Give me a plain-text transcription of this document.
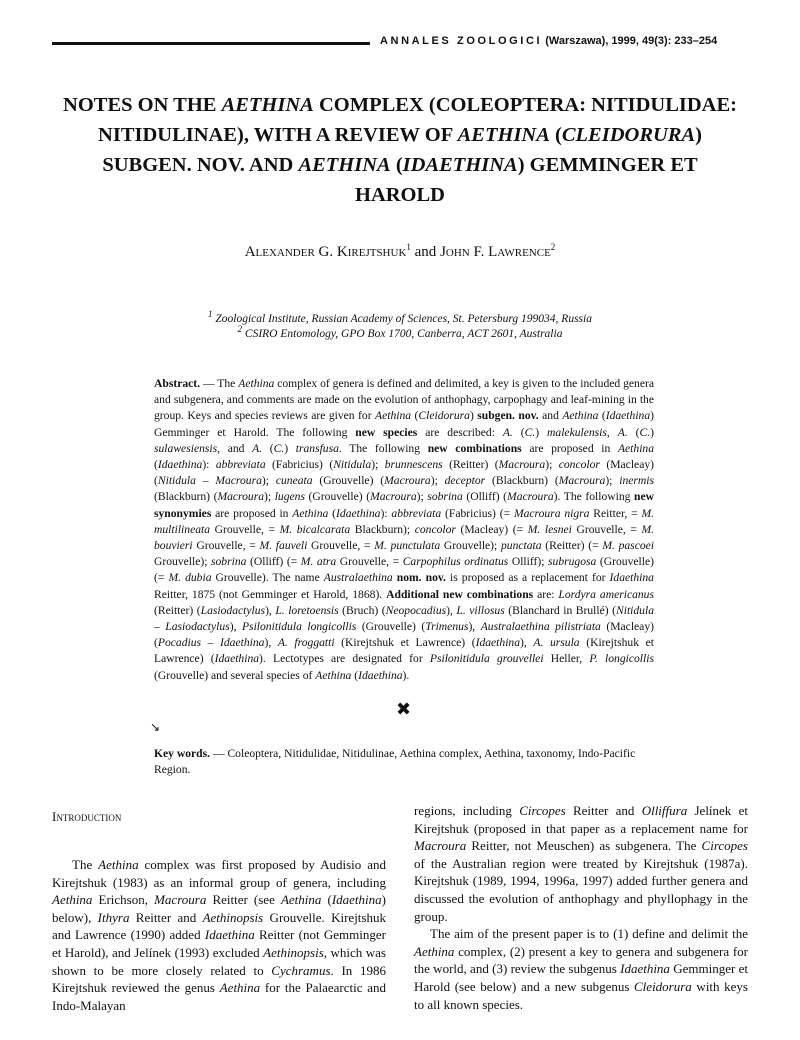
ANNALES ZOOLOGICI (Warszawa), 1999, 49(3): 233–254
NOTES ON THE AETHINA COMPLEX (COLEOPTERA: NITIDULIDAE: NITIDULINAE), WITH A REVIEW OF AETHINA (CLEIDORURA) SUBGEN. NOV. AND AETHINA (IDAETHINA) GEMMINGER ET HAROLD
Alexander G. Kirejtshuk$^1$ and John F. Lawrence$^2$
$^1$ Zoological Institute, Russian Academy of Sciences, St. Petersburg 199034, Russia
$^2$ CSIRO Entomology, GPO Box 1700, Canberra, ACT 2601, Australia

Abstract. — The Aethina complex of genera is defined and delimited, a key is given to the included genera and subgenera, and comments are made on the evolution of anthophagy, carpophagy and leaf-mining in the group. Keys and species reviews are given for Aethina (Cleidorura) subgen. nov. and Aethina (Idaethina) Gemminger et Harold. The following new species are described: A. (C.) malekulensis, A. (C.) sulawesiensis, and A. (C.) transfusa. The following new combinations are proposed in Aethina (Idaethina): abbreviata (Fabricius) (Nitidula); brunnescens (Reitter) (Macroura); concolor (Macleay) (Nitidula – Macroura); cuneata (Grouvelle) (Macroura); deceptor (Blackburn) (Macroura); inermis (Blackburn) (Macroura); lugens (Grouvelle) (Macroura); sobrina (Olliff) (Macroura). The following new synonymies are proposed in Aethina (Idaethina): abbreviata (Fabricius) (= Macroura nigra Reitter, = M. multilineata Grouvelle, = M. bicalcarata Blackburn); concolor (Macleay) (= M. lesnei Grouvelle, = M. bouvieri Grouvelle, = M. fauveli Grouvelle, = M. punctulata Grouvelle); punctata (Reitter) (= M. pascoei Grouvelle); sobrina (Olliff) (= M. atra Grouvelle, = Carpophilus ordinatus Olliff); subrugosa (Grouvelle) (= M. dubia Grouvelle). The name Australaethina nom. nov. is proposed as a replacement for Idaethina Reitter, 1875 (not Gemminger et Harold, 1868). Additional new combinations are: Lordyra americanus (Reitter) (Lasiodactylus), L. loretoensis (Bruch) (Neopocadius), L. villosus (Blanchard in Brullé) (Nitidula – Lasiodactylus), Psilonitidula longicollis (Grouvelle) (Trimenus), Australaethina pilistriata (Macleay) (Pocadius – Idaethina), A. froggatti (Kirejtshuk et Lawrence) (Idaethina), A. ursula (Kirejtshuk et Lawrence) (Idaethina). Lectotypes are designated for Psilonitidula grouvellei Heller, P. longicollis (Grouvelle) and several species of Aethina (Idaethina).

✖
↘

Key words. — Coleoptera, Nitidulidae, Nitidulinae, Aethina complex, Aethina, taxonomy, Indo-Pacific Region.

Introduction

The Aethina complex was first proposed by Audisio and Kirejtshuk (1983) as an informal group of genera, including Aethina Erichson, Macroura Reitter (see Aethina (Idaethina) below), Ithyra Reitter and Aethinopsis Grouvelle. Kirejtshuk and Lawrence (1990) added Idaethina Reitter (not Gemminger et Harold), and Jelínek (1993) excluded Aethinopsis, which was shown to be more closely related to Cychramus. In 1986 Kirejtshuk reviewed the genus Aethina for the Palaearctic and Indo-Malayan

regions, including Circopes Reitter and Olliffura Jelínek et Kirejtshuk (proposed in that paper as a replacement name for Macroura Reitter, not Meuschen) as subgenera. The Circopes of the Australian region were treated by Kirejtshuk (1987a). Kirejtshuk (1989, 1994, 1996a, 1997) added further genera and discussed the evolution of anthophagy and phyllophagy in the group.

The aim of the present paper is to (1) define and delimit the Aethina complex, (2) present a key to genera and subgenera for the world, and (3) review the subgenus Idaethina Gemminger et Harold (see below) and a new subgenus Cleidorura with keys to all known species.
